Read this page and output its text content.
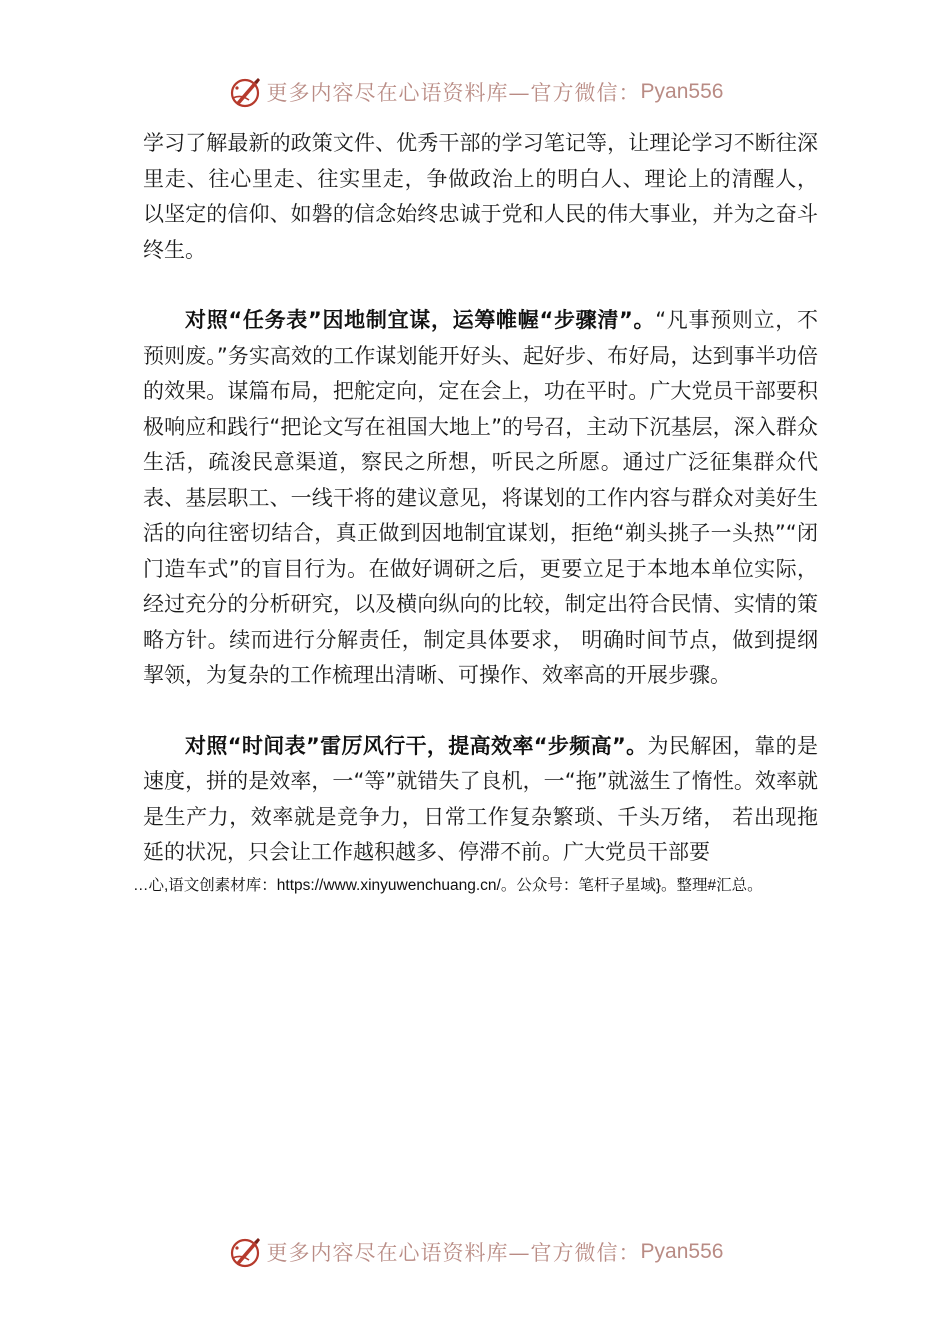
更多内容尽在心语资料库—官方微信： Pyan556

学习了解最新的政策文件、优秀干部的学习笔记等，让理论学习不断往深里走、往心里走、往实里走，争做政治上的明白人、理论上的清醒人， 以坚定的信仰、如磐的信念始终忠诚于党和人民的伟大事业，并为之奋斗终生。

对照“任务表”因地制宜谋，运筹帷幄“步骤清”。“凡事预则立，不预则废。”务实高效的工作谋划能开好头、起好步、布好局，达到事半功倍的效果。谋篇布局，把舵定向，定在会上，功在平时。广大党员干部要积极响应和践行“把论文写在祖国大地上”的号召，主动下沉基层，深入群众生活，疏浚民意渠道，察民之所想，听民之所愿。通过广泛征集群众代表、基层职工、一线干将的建议意见，将谋划的工作内容与群众对美好生活的向往密切结合，真正做到因地制宜谋划，拒绝“剃头挑子一头热”“闭门造车式”的盲目行为。在做好调研之后，更要立足于本地本单位实际，经过充分的分析研究，以及横向纵向的比较，制定出符合民情、实情的策略方针。续而进行分解责任，制定具体要求， 明确时间节点，做到提纲挈领，为复杂的工作梳理出清晰、可操作、效率高的开展步骤。

对照“时间表”雷厉风行干，提高效率“步频高”。为民解困，靠的是速度，拼的是效率，一“等”就错失了良机，一“拖”就滋生了惰性。效率就是生产力，效率就是竞争力，日常工作复杂繁琐、千头万绪， 若出现拖延的状况，只会让工作越积越多、停滞不前。广大党员干部要

…心,语文创素材库：https://www.xinyuwenchuang.cn/。公众号：笔杆子星域}。整理#汇总。
更多内容尽在心语资料库—官方微信： Pyan556
